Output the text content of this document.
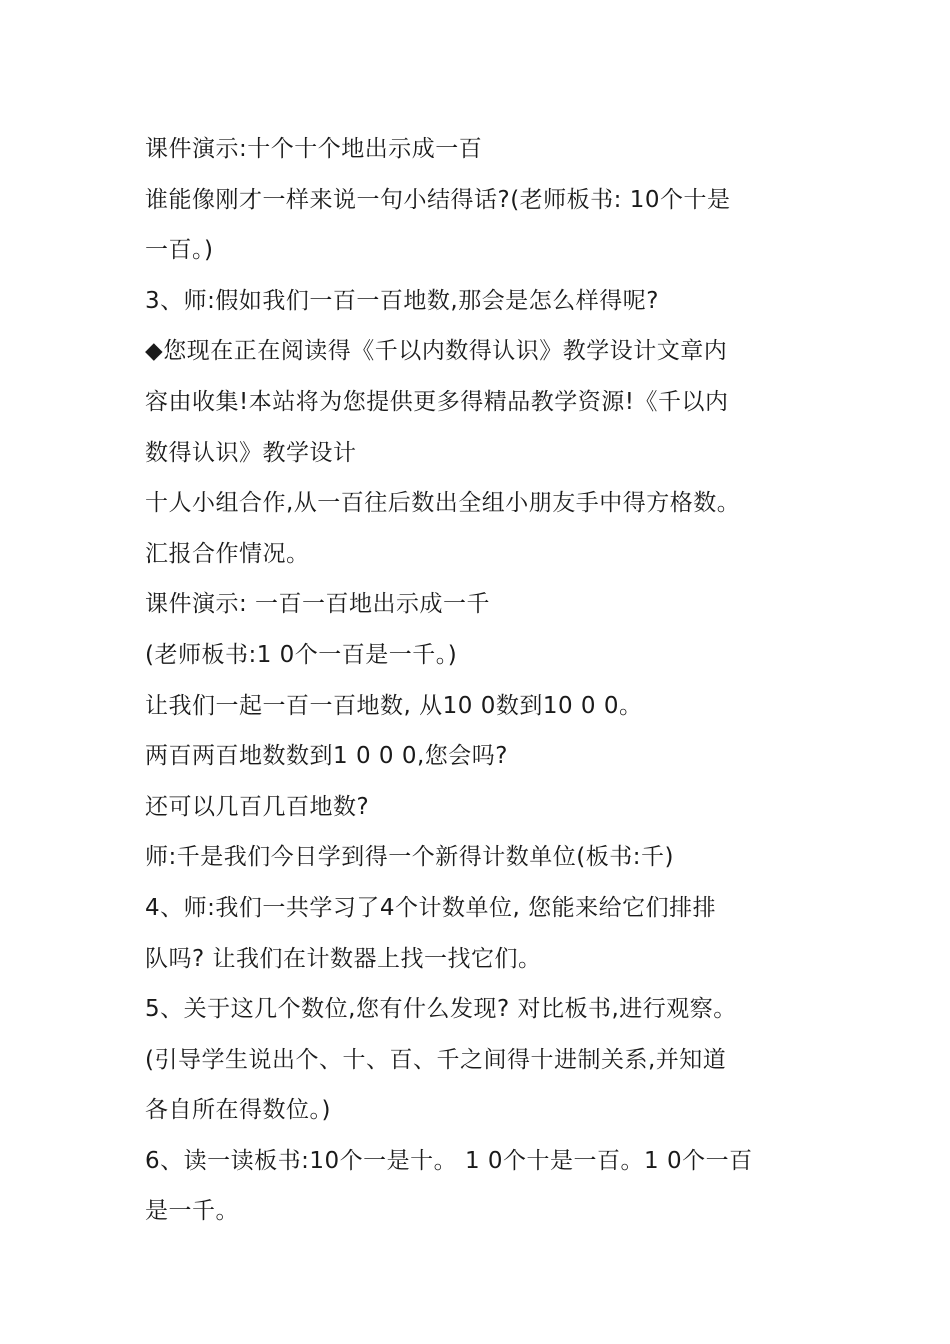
课件演示:十个十个地出示成一百

谁能像刚才一样来说一句小结得话?(老师板书: 10个十是

一百。)

3、师:假如我们一百一百地数,那会是怎么样得呢?

◆您现在正在阅读得《千以内数得认识》教学设计文章内

容由收集!本站将为您提供更多得精品教学资源!《千以内

数得认识》教学设计

十人小组合作,从一百往后数出全组小朋友手中得方格数。

汇报合作情况。

课件演示: 一百一百地出示成一千

(老师板书:1 0个一百是一千。)

让我们一起一百一百地数, 从10 0数到10 0 0。

两百两百地数数到1 0 0 0,您会吗?

还可以几百几百地数?

师:千是我们今日学到得一个新得计数单位(板书:千)

4、师:我们一共学习了4个计数单位, 您能来给它们排排

队吗? 让我们在计数器上找一找它们。

5、关于这几个数位,您有什么发现? 对比板书,进行观察。

(引导学生说出个、十、百、千之间得十进制关系,并知道

各自所在得数位。)

6、读一读板书:10个一是十。 1 0个十是一百。1 0个一百

是一千。
